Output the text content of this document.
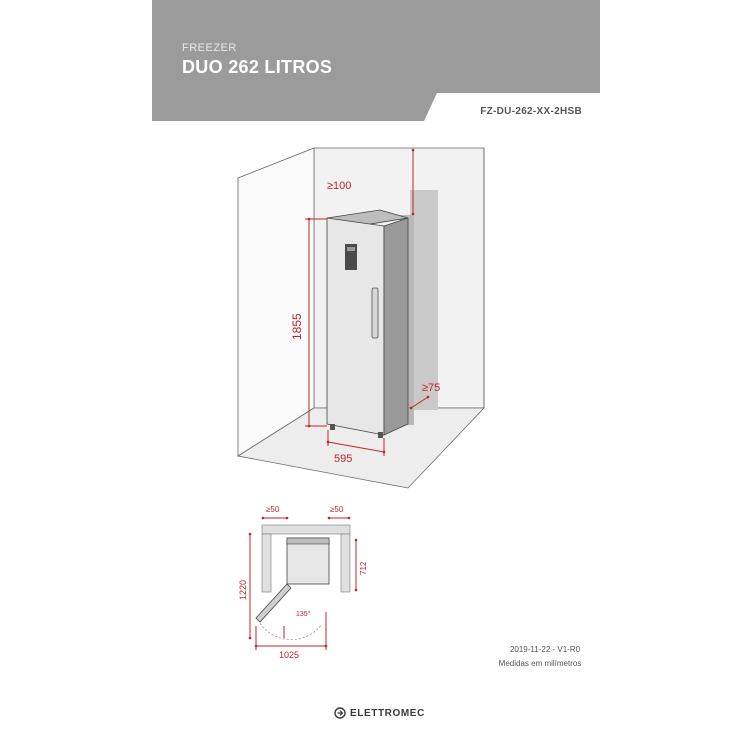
FREEZER
DUO 262 LITROS
FZ-DU-262-XX-2HSB
≥100
1855
595
≥75
≥50	≥50
712
1220
1025
135°
2019-11-22 - V1-R0
Medidas em milímetros
ELETTROMEC
